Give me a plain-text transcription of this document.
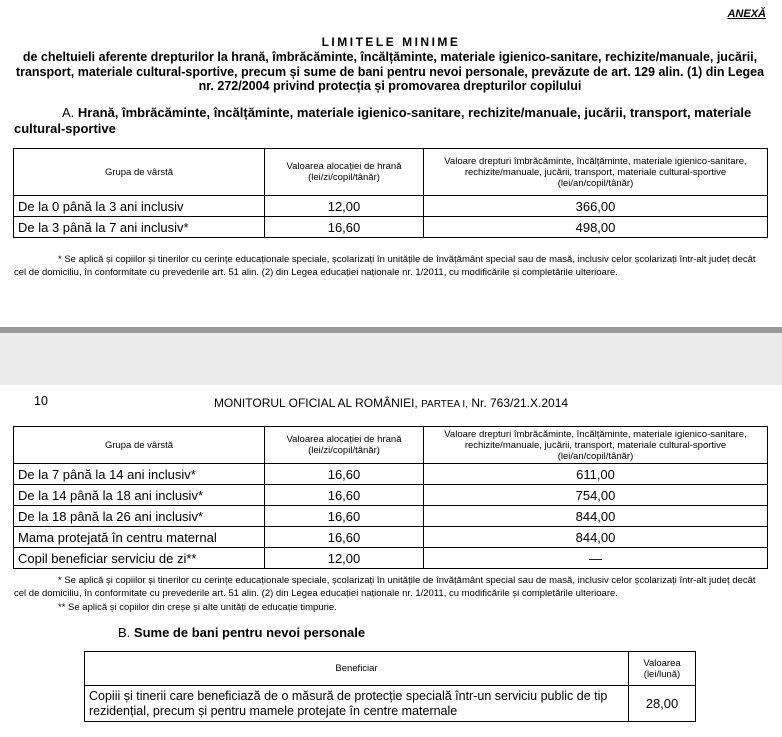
ANEXĂ
LIMITELE MINIME
de cheltuieli aferente drepturilor la hrană, îmbrăcăminte, încălțăminte, materiale igienico-sanitare, rechizite/manuale, jucării, transport, materiale cultural-sportive, precum și sume de bani pentru nevoi personale, prevăzute de art. 129 alin. (1) din Legea nr. 272/2004 privind protecția și promovarea drepturilor copilului
A. Hrană, îmbrăcăminte, încălțăminte, materiale igienico-sanitare, rechizite/manuale, jucării, transport, materiale cultural-sportive
Grupa de vârstă	Valoarea alocației de hrană (lei/zi/copil/tânăr)	Valoare drepturi îmbrăcăminte, încălțăminte, materiale igienico-sanitare, rechizite/manuale, jucării, transport, materiale cultural-sportive (lei/an/copil/tânăr)
De la 0 până la 3 ani inclusiv	12,00	366,00
De la 3 până la 7 ani inclusiv*	16,60	498,00
* Se aplică și copiilor și tinerilor cu cerințe educaționale speciale, școlarizați în unitățile de învățământ special sau de masă, inclusiv celor școlarizați într-alt județ decât cel de domiciliu, în conformitate cu prevederile art. 51 alin. (2) din Legea educației naționale nr. 1/2011, cu modificările și completările ulterioare.
10	MONITORUL OFICIAL AL ROMÂNIEI, PARTEA I, Nr. 763/21.X.2014
Grupa de vârstă	Valoarea alocației de hrană (lei/zi/copil/tânăr)	Valoare drepturi îmbrăcăminte, încălțăminte, materiale igienico-sanitare, rechizite/manuale, jucării, transport, materiale cultural-sportive (lei/an/copil/tânăr)
De la 7 până la 14 ani inclusiv*	16,60	611,00
De la 14 până la 18 ani inclusiv*	16,60	754,00
De la 18 până la 26 ani inclusiv*	16,60	844,00
Mama protejată în centru maternal	16,60	844,00
Copil beneficiar serviciu de zi**	12,00	—
* Se aplică și copiilor și tinerilor cu cerințe educaționale speciale, școlarizați în unitățile de învățământ special sau de masă, inclusiv celor școlarizați într-alt județ decât cel de domiciliu, în conformitate cu prevederile art. 51 alin. (2) din Legea educației naționale nr. 1/2011, cu modificările și completările ulterioare.
** Se aplică și copiilor din creșe și alte unități de educație timpurie.
B. Sume de bani pentru nevoi personale
Beneficiar	Valoarea (lei/lună)
Copiii și tinerii care beneficiază de o măsură de protecție specială într-un serviciu public de tip rezidențial, precum și pentru mamele protejate în centre maternale	28,00
